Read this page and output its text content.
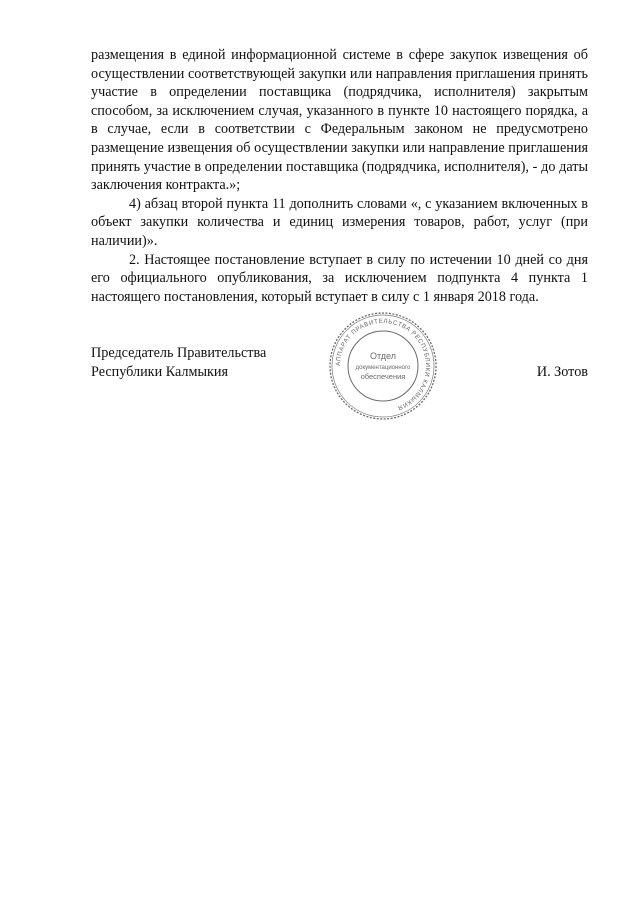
размещения в единой информационной системе в сфере закупок извещения об осуществлении соответствующей закупки или направления приглашения принять участие в определении поставщика (подрядчика, исполнителя) закрытым способом, за исключением случая, указанного в пункте 10 настоящего порядка, а в случае, если в соответствии с Федеральным законом не предусмотрено размещение извещения об осуществлении закупки или направление приглашения принять участие в определении поставщика (подрядчика, исполнителя), - до даты заключения контракта.»;

4) абзац второй пункта 11 дополнить словами «, с указанием включенных в объект закупки количества и единиц измерения товаров, работ, услуг (при наличии)».

2. Настоящее постановление вступает в силу по истечении 10 дней со дня его официального опубликования, за исключением подпункта 4 пункта 1 настоящего постановления, который вступает в силу с 1 января 2018 года.

АППАРАТ ПРАВИТЕЛЬСТВА РЕСПУБЛИКИ КАЛМЫКИЯ
Отдел
документационного
обеспечения
Председатель Правительства
Республики Калмыкия	И. Зотов
